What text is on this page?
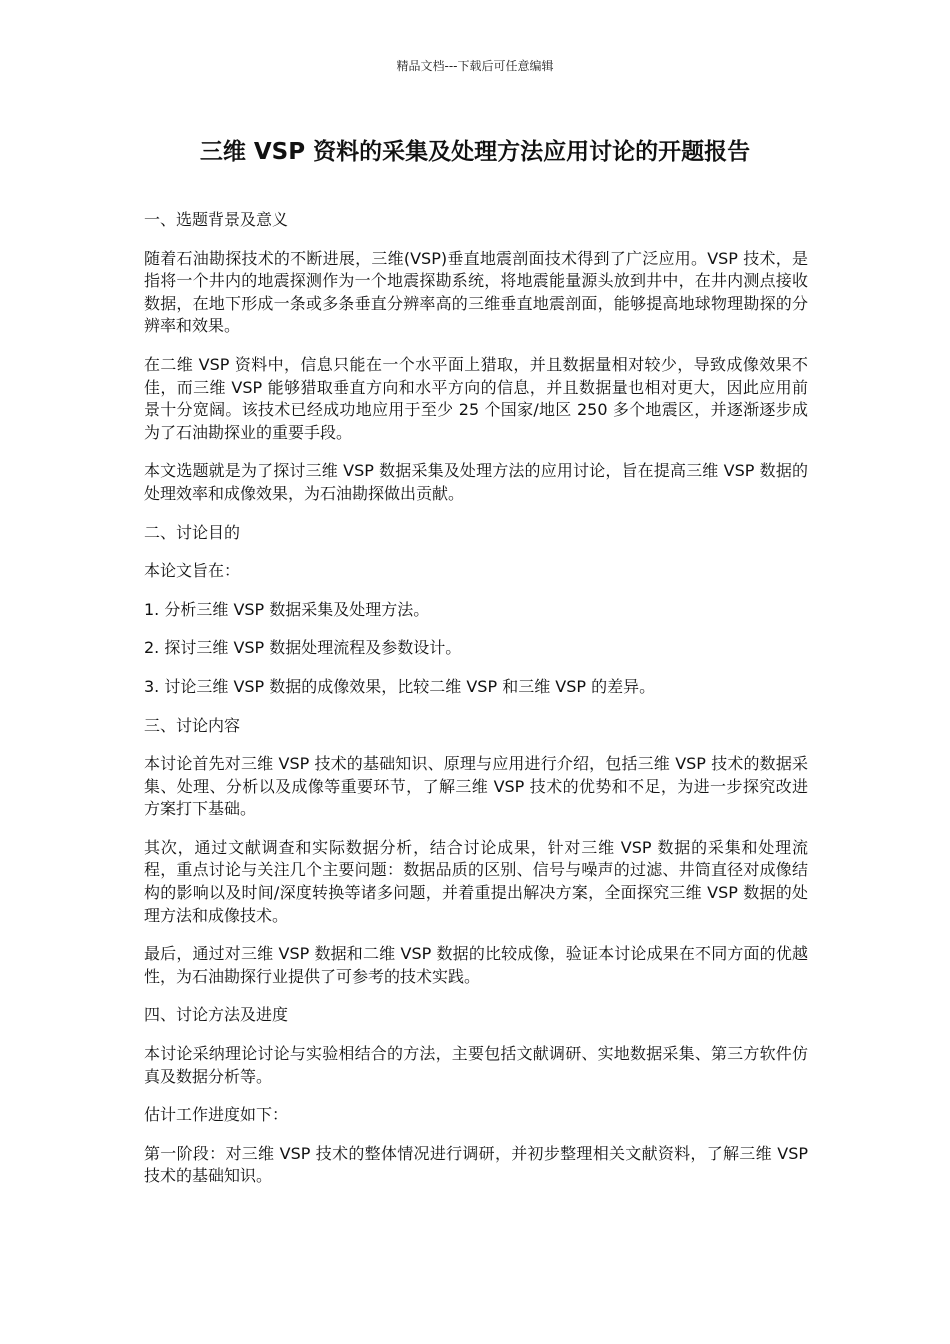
精品文档---下载后可任意编辑
三维 VSP 资料的采集及处理方法应用讨论的开题报告
一、选题背景及意义

随着石油勘探技术的不断进展，三维(VSP)垂直地震剖面技术得到了广泛应用。VSP 技术，是指将一个井内的地震探测作为一个地震探勘系统，将地震能量源头放到井中，在井内测点接收数据，在地下形成一条或多条垂直分辨率高的三维垂直地震剖面，能够提高地球物理勘探的分辨率和效果。

在二维 VSP 资料中，信息只能在一个水平面上猎取，并且数据量相对较少，导致成像效果不佳，而三维 VSP 能够猎取垂直方向和水平方向的信息，并且数据量也相对更大，因此应用前景十分宽阔。该技术已经成功地应用于至少 25 个国家/地区 250 多个地震区，并逐渐逐步成为了石油勘探业的重要手段。

本文选题就是为了探讨三维 VSP 数据采集及处理方法的应用讨论，旨在提高三维 VSP 数据的处理效率和成像效果，为石油勘探做出贡献。

二、讨论目的

本论文旨在：

1. 分析三维 VSP 数据采集及处理方法。

2. 探讨三维 VSP 数据处理流程及参数设计。

3. 讨论三维 VSP 数据的成像效果，比较二维 VSP 和三维 VSP 的差异。

三、讨论内容

本讨论首先对三维 VSP 技术的基础知识、原理与应用进行介绍，包括三维 VSP 技术的数据采集、处理、分析以及成像等重要环节，了解三维 VSP 技术的优势和不足，为进一步探究改进方案打下基础。

其次，通过文献调查和实际数据分析，结合讨论成果，针对三维 VSP 数据的采集和处理流程，重点讨论与关注几个主要问题：数据品质的区别、信号与噪声的过滤、井筒直径对成像结构的影响以及时间/深度转换等诸多问题，并着重提出解决方案，全面探究三维 VSP 数据的处理方法和成像技术。

最后，通过对三维 VSP 数据和二维 VSP 数据的比较成像，验证本讨论成果在不同方面的优越性，为石油勘探行业提供了可参考的技术实践。

四、讨论方法及进度

本讨论采纳理论讨论与实验相结合的方法，主要包括文献调研、实地数据采集、第三方软件仿真及数据分析等。

估计工作进度如下：

第一阶段：对三维 VSP 技术的整体情况进行调研，并初步整理相关文献资料，了解三维 VSP 技术的基础知识。
